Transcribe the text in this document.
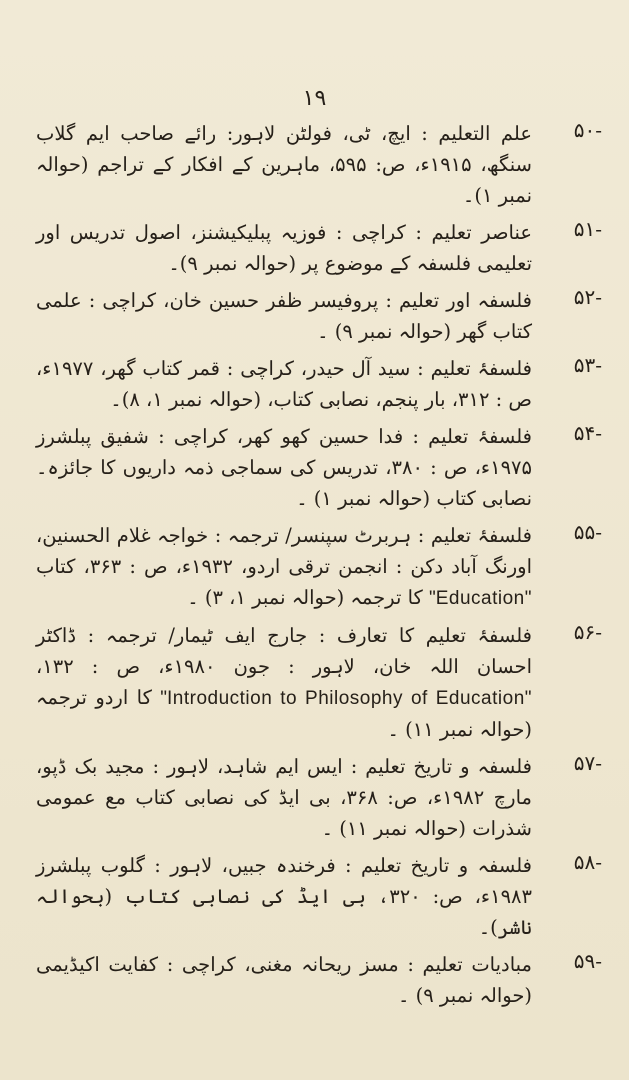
۱۹
-۵۰
علم التعلیم : ایچ، ٹی، فولٹن لاہور: رائے صاحب ایم گلاب سنگھ، ۱۹۱۵ء، ص: ۵۹۵، ماہرین کے افکار کے تراجم (حوالہ نمبر ۱)۔
-۵۱
عناصر تعلیم : کراچی : فوزیہ پبلیکیشنز، اصول تدریس اور تعلیمی فلسفہ کے موضوع پر (حوالہ نمبر ۹)۔
-۵۲
فلسفہ اور تعلیم : پروفیسر ظفر حسین خان، کراچی : علمی کتاب گھر (حوالہ نمبر ۹) ۔
-۵۳
فلسفۂ تعلیم : سید آل حیدر، کراچی : قمر کتاب گھر، ۱۹۷۷ء، ص : ۳۱۲، بار پنجم، نصابی کتاب، (حوالہ نمبر ۱، ۸)۔
-۵۴
فلسفۂ تعلیم : فدا حسین کھو کھر، کراچی : شفیق پبلشرز ۱۹۷۵ء، ص : ۳۸۰، تدریس کی سماجی ذمہ داریوں کا جائزہ۔ نصابی کتاب (حوالہ نمبر ۱) ۔
-۵۵
فلسفۂ تعلیم : ہربرٹ سپنسر/ ترجمہ : خواجہ غلام الحسنین، اورنگ آباد دکن : انجمن ترقی اردو، ۱۹۳۲ء، ص : ۳۶۳، کتاب "Education" کا ترجمہ (حوالہ نمبر ۱، ۳) ۔
-۵۶
فلسفۂ تعلیم کا تعارف : جارج ایف ٹیمار/ ترجمہ : ڈاکٹر احسان اللہ خان، لاہور : جون ۱۹۸۰ء، ص : ۱۳۲، "Introduction to Philosophy of Education" کا اردو ترجمہ (حوالہ نمبر ۱۱) ۔
-۵۷
فلسفہ و تاریخ تعلیم : ایس ایم شاہد، لاہور : مجید بک ڈپو، مارچ ۱۹۸۲ء، ص: ۳۶۸، بی ایڈ کی نصابی کتاب مع عمومی شذرات (حوالہ نمبر ۱۱) ۔
-۵۸
فلسفہ و تاریخ تعلیم : فرخندہ جبیں، لاہور : گلوب پبلشرز ۱۹۸۳ء، ص: ۳۲۰، بی ایڈ کی نصابی کتاب (بحوالہ ناشر)۔
-۵۹
مبادیات تعلیم : مسز ریحانہ مغنی، کراچی : کفایت اکیڈیمی (حوالہ نمبر ۹) ۔
